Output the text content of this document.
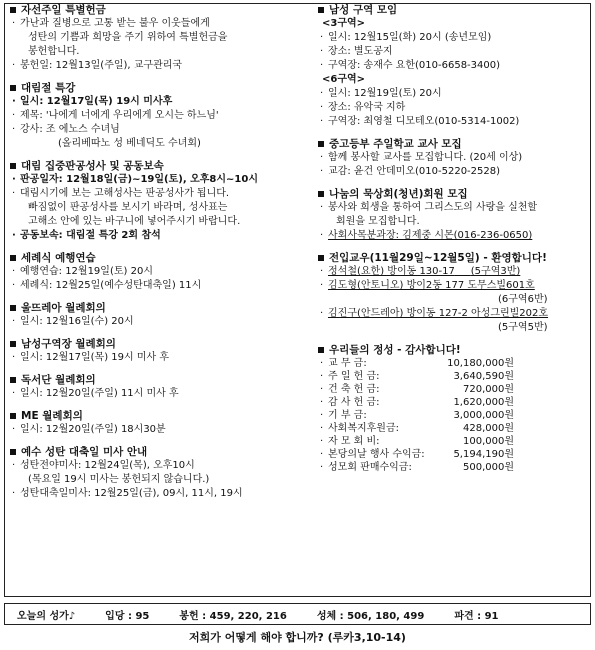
자선주일 특별헌금
· 가난과 질병으로 고통 받는 불우 이웃들에게
성탄의 기쁨과 희망을 주기 위하여 특별헌금을
봉헌합니다.
· 봉헌일: 12월13일(주일), 교구관리국
대림절 특강
· 일시: 12월17일(목) 19시 미사후
· 제목: '나에게 너에게 우리에게 오시는 하느님'
· 강사: 조 에노스 수녀님
(올리베따노 성 베네딕도 수녀회)
대림 집중판공성사 및 공동보속
· 판공일자: 12월18일(금)~19일(토), 오후8시~10시
· 대림시기에 보는 고해성사는 판공성사가 됩니다.
빠짐없이 판공성사를 보시기 바라며, 성사표는
고해소 안에 있는 바구니에 넣어주시기 바랍니다.
· 공동보속: 대림절 특강 2회 참석
세례식 예행연습
· 예행연습: 12월19일(토) 20시
· 세례식: 12월25일(예수성탄대축일) 11시
울뜨레아 월례회의
· 일시: 12월16일(수) 20시
남성구역장 월례회의
· 일시: 12월17일(목) 19시 미사 후
독서단 월례회의
· 일시: 12월20일(주일) 11시 미사 후
ME 월례회의
· 일시: 12월20일(주일) 18시30분
예수 성탄 대축일 미사 안내
· 성탄전야미사: 12월24일(목), 오후10시
(목요일 19시 미사는 봉헌되지 않습니다.)
· 성탄대축일미사: 12월25일(금), 09시, 11시, 19시
남성 구역 모임
<3구역>
· 일시: 12월15일(화) 20시 (송년모임)
· 장소: 별도공지
· 구역장: 송재수 요한(010-6658-3400)
<6구역>
· 일시: 12월19일(토) 20시
· 장소: 유악국 지하
· 구역장: 최영철 디모테오(010-5314-1002)
중고등부 주일학교 교사 모집
· 함께 봉사할 교사를 모집합니다. (20세 이상)
· 교감: 윤건 안데미오(010-5220-2528)
나눔의 묵상회(청년)회원 모집
· 봉사와 희생을 통하여 그리스도의 사랑을 실천할
회원을 모집합니다.
· 사회사목분과장: 김제중 시몬(016-236-0650)
전입교우(11월29일~12월5일) - 환영합니다!
· 정석철(요한) 방이동 130-17 (5구역3반)
· 김도형(안토니오) 방이2동 177 도무스빌601호
(6구역6반)
· 김진구(안드레아) 방이동 127-2 아성그린빌202호
(5구역5반)
우리들의 정성 - 감사합니다!
· 교 무 금:	10,180,000원
· 주 일 헌 금:	3,640,590원
· 건 축 헌 금:	720,000원
· 감 사 헌 금:	1,620,000원
· 기 부 금:	3,000,000원
· 사회복지후원금:	428,000원
· 자 모 회 비:	100,000원
· 본당의날 행사 수익금:	5,194,190원
· 성모회 판매수익금:	500,000원
오늘의 성가♪	입당 : 95	봉헌 : 459, 220, 216	성체 : 506, 180, 499	파견 : 91
저희가 어떻게 해야 합니까? (루카3,10-14)
